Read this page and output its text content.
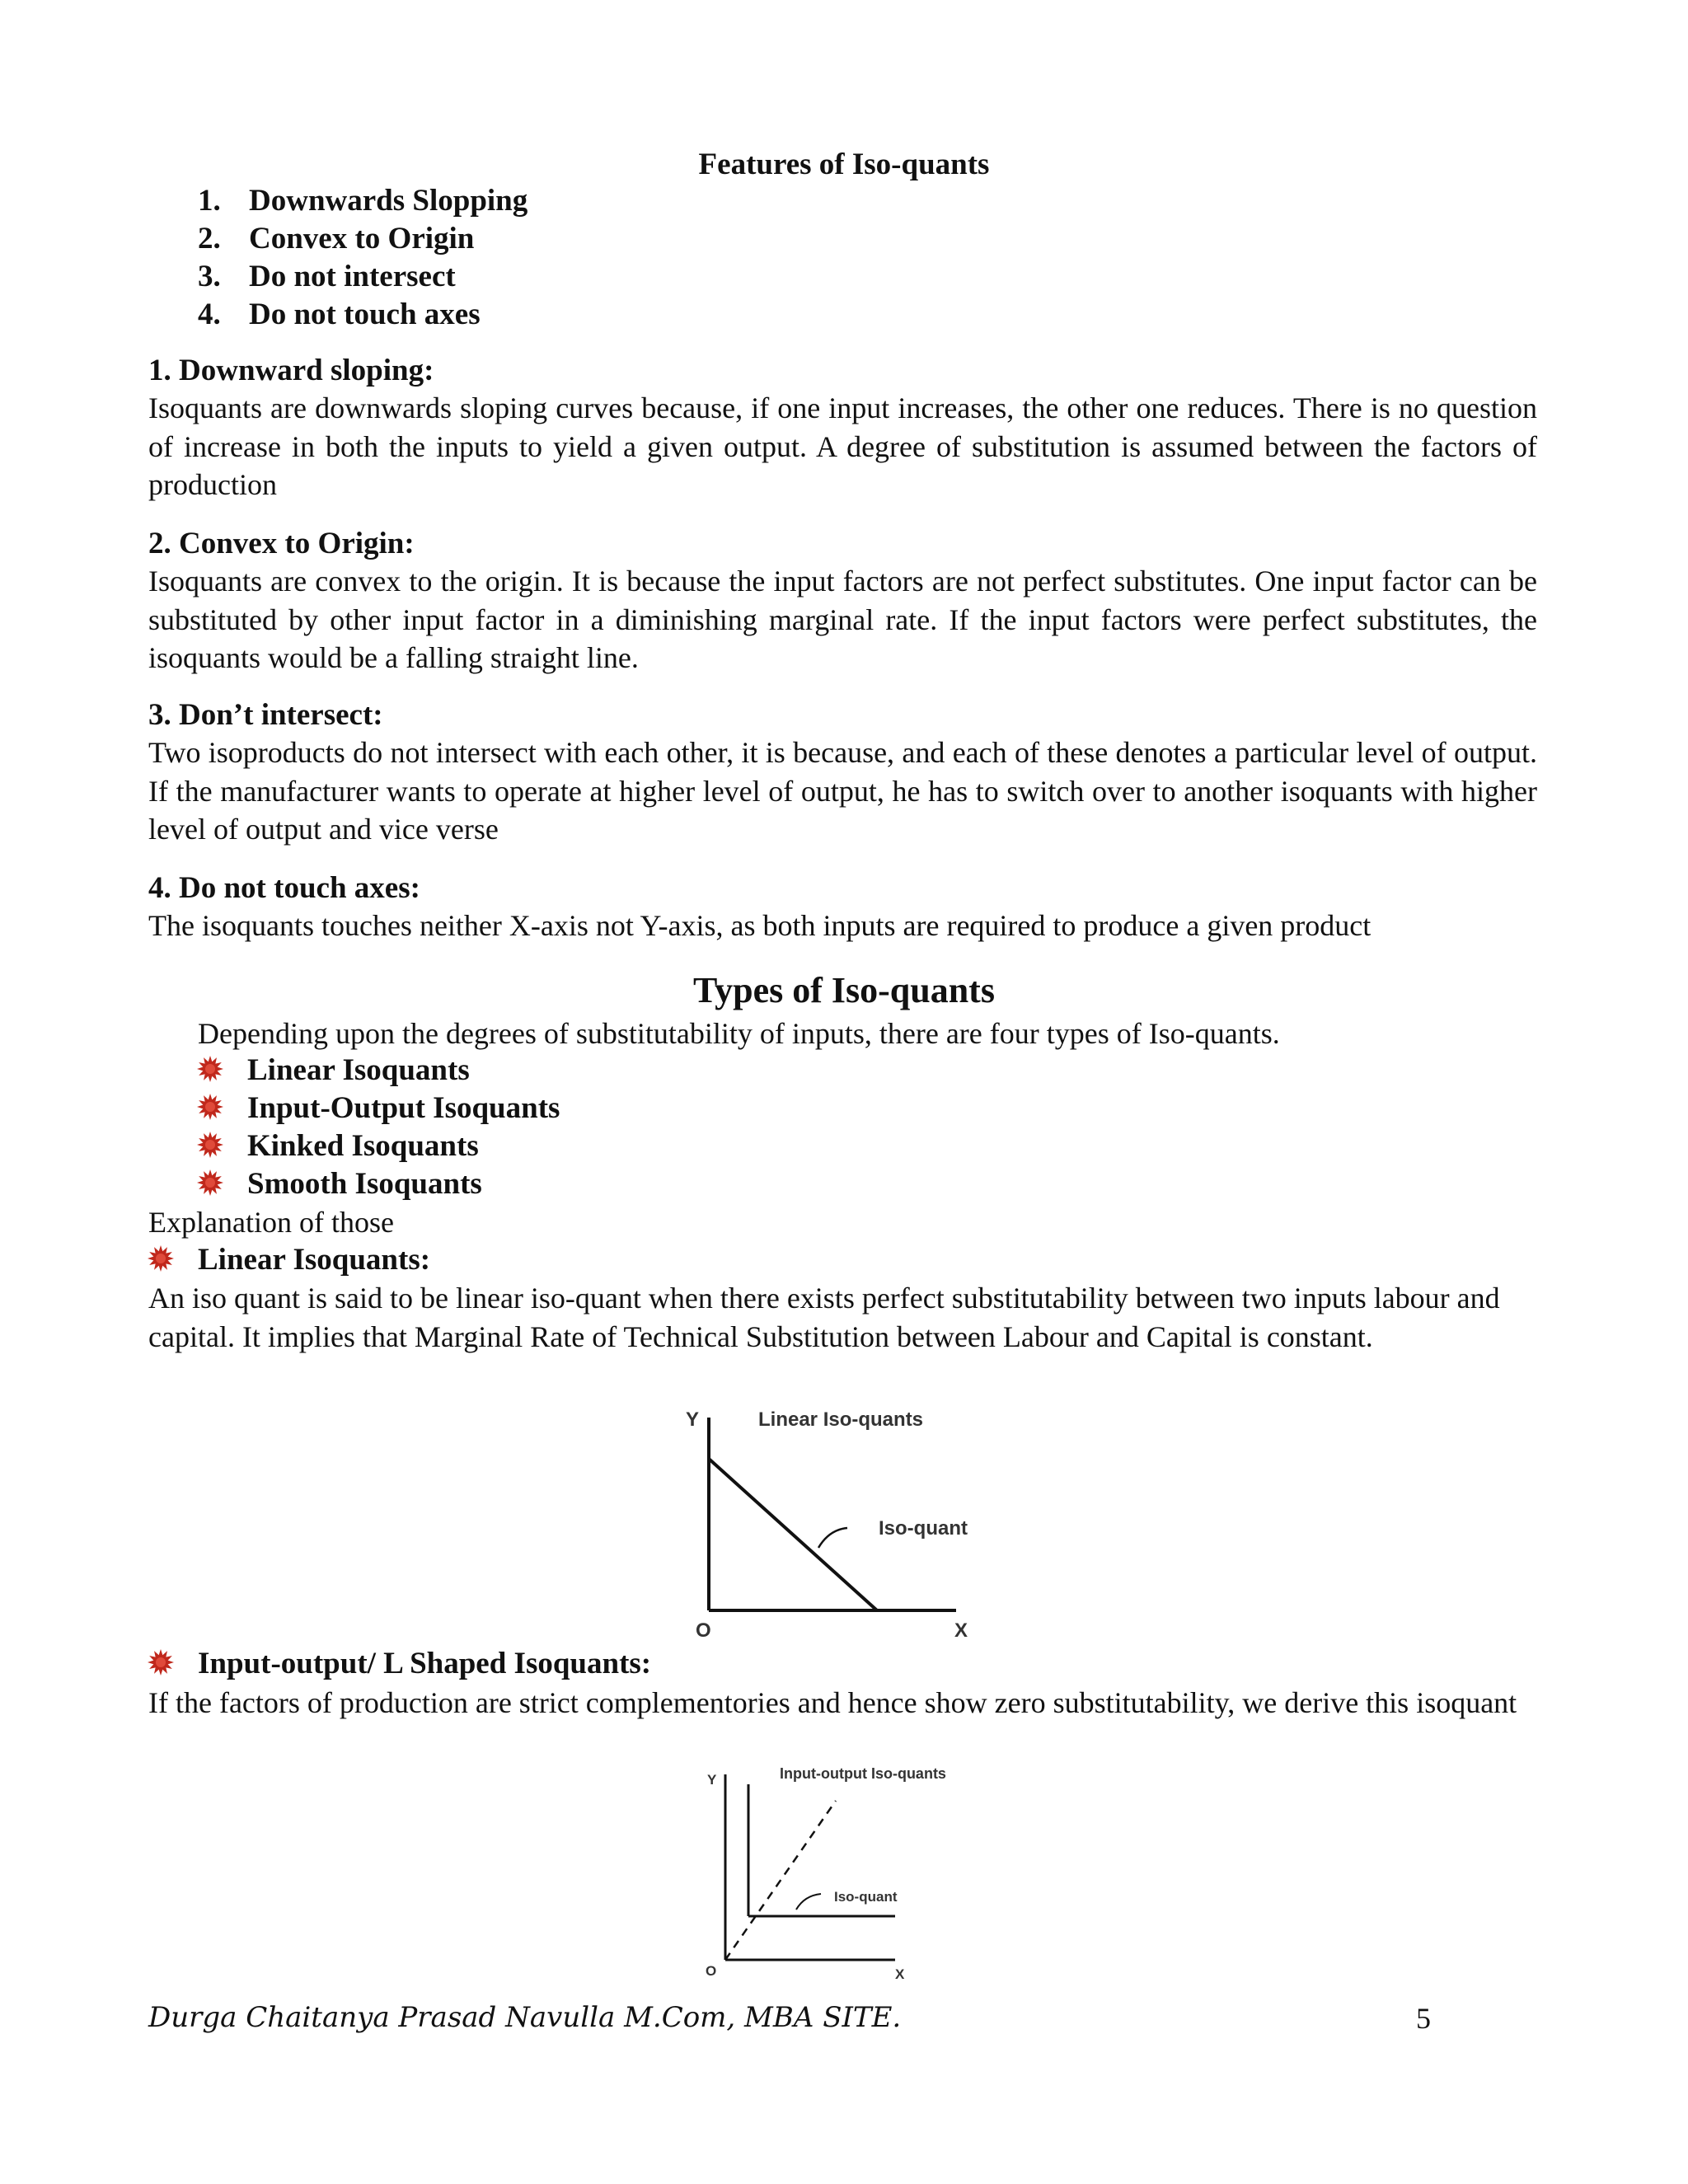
Features of Iso-quants
1. Downwards Slopping
2. Convex to Origin
3. Do not intersect
4. Do not touch axes
1. Downward sloping:
Isoquants are downwards sloping curves because, if one input increases, the other one reduces. There is no question of increase in both the inputs to yield a given output. A degree of substitution is assumed between the factors of production
2. Convex to Origin:
Isoquants are convex to the origin. It is because the input factors are not perfect substitutes. One input factor can be substituted by other input factor in a diminishing marginal rate. If the input factors were perfect substitutes, the isoquants would be a falling straight line.
3. Don’t intersect:
Two isoproducts do not intersect with each other, it is because, and each of these denotes a particular level of output. If the manufacturer wants to operate at higher level of output, he has to switch over to another isoquants with higher level of output and vice verse
4. Do not touch axes:
The isoquants touches neither X-axis not Y-axis, as both inputs are required to produce a given product
Types of Iso-quants
Depending upon the degrees of substitutability of inputs, there are four types of Iso-quants.
Linear Isoquants
Input-Output Isoquants
Kinked Isoquants
Smooth Isoquants
Explanation of those
Linear Isoquants:
An iso quant is said to be linear iso-quant when there exists perfect substitutability between two inputs labour and capital. It implies that Marginal Rate of Technical Substitution between Labour and Capital is constant.
Y	Linear Iso-quants
Iso-quant
O	X
Input-output/ L Shaped Isoquants:
If the factors of production are strict complementories and hence show zero substitutability, we derive this isoquant
Y	Input-output Iso-quants
Iso-quant
O	X
Durga Chaitanya Prasad Navulla M.Com, MBA SITE.	5
